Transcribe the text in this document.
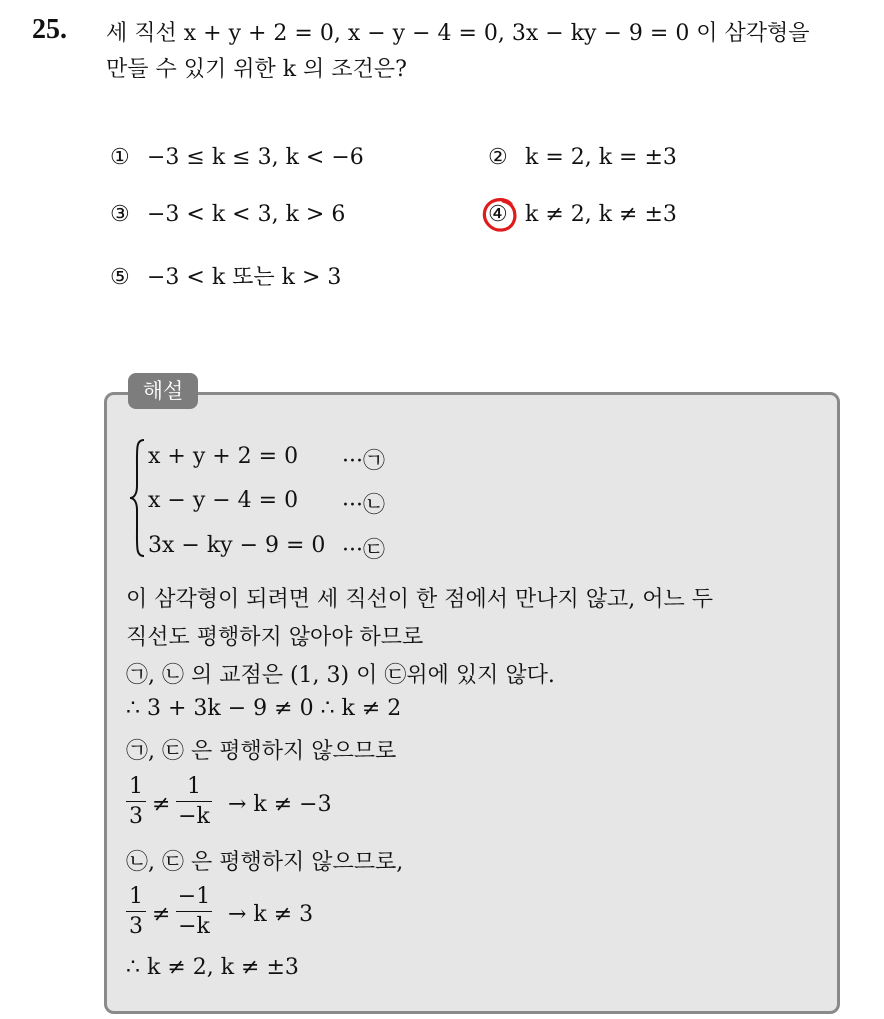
25. 세 직선 x + y + 2 = 0, x − y − 4 = 0, 3x − ky − 9 = 0 이 삼각형을
만들 수 있기 위한 k 의 조건은?
① −3 ≤ k ≤ 3, k < −6	② k = 2, k = ±3
③ −3 < k < 3, k > 6	④ k ≠ 2, k ≠ ±3
⑤ −3 < k 또는 k > 3
해설
x + y + 2 = 0 ···㉠
x − y − 4 = 0 ···㉡
3x − ky − 9 = 0 ···㉢
이 삼각형이 되려면 세 직선이 한 점에서 만나지 않고, 어느 두
직선도 평행하지 않아야 하므로
㉠, ㉡ 의 교점은 (1, 3) 이 ㉢위에 있지 않다.
∴ 3 + 3k − 9 ≠ 0 ∴ k ≠ 2
㉠, ㉢ 은 평행하지 않으므로
1
3 ≠
1
−k → k ≠ −3
㉡, ㉢ 은 평행하지 않으므로,
1
3 ≠
−1
−k → k ≠ 3
∴ k ≠ 2, k ≠ ±3
